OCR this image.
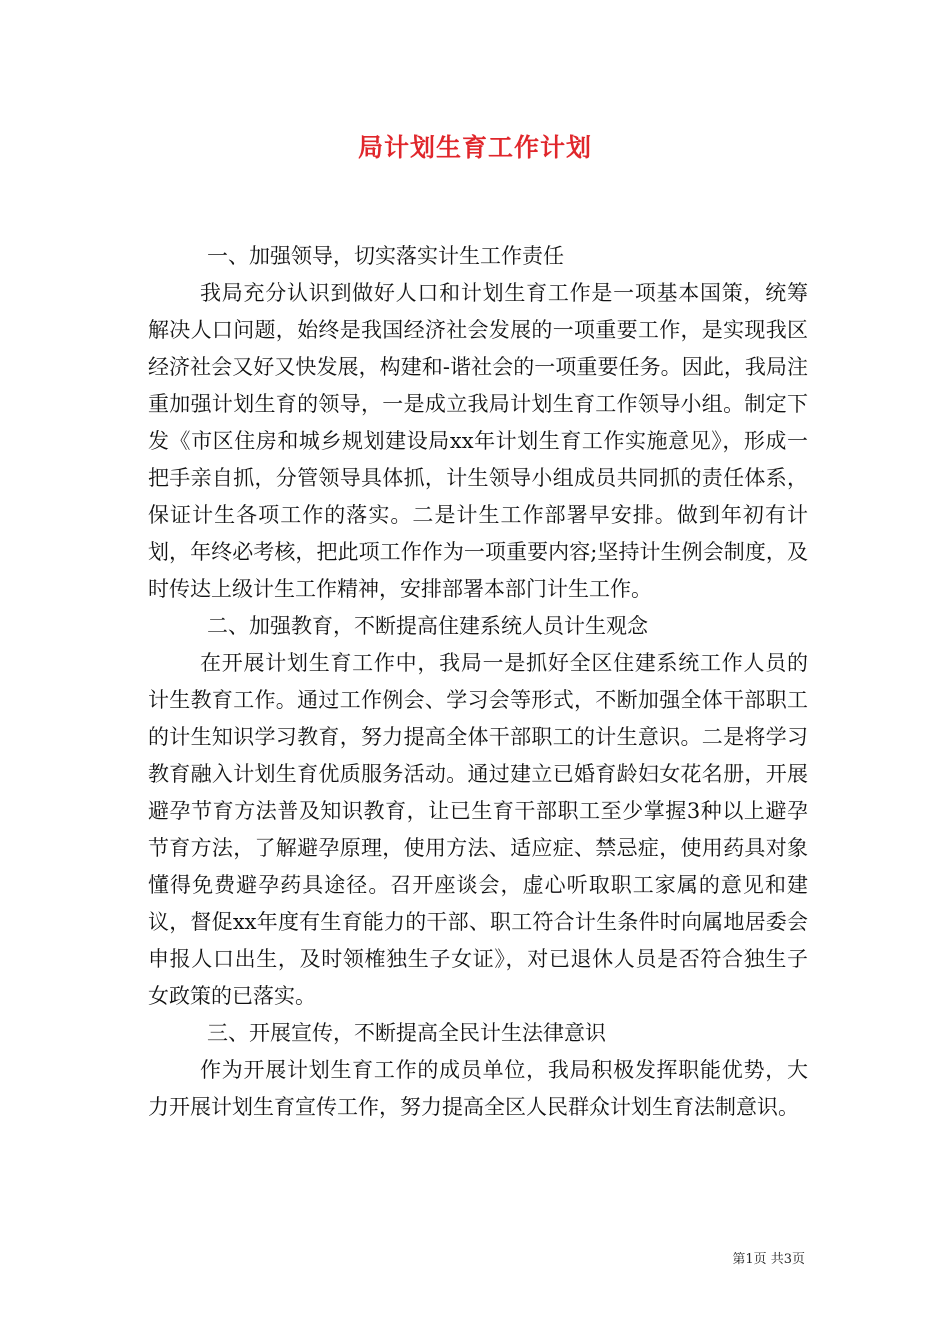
局计划生育工作计划

一、加强领导，切实落实计生工作责任

我局充分认识到做好人口和计划生育工作是一项基本国策，统筹解决人口问题，始终是我国经济社会发展的一项重要工作，是实现我区经济社会又好又快发展，构建和-谐社会的一项重要任务。因此，我局注重加强计划生育的领导，一是成立我局计划生育工作领导小组。制定下发《市区住房和城乡规划建设局xx年计划生育工作实施意见》，形成一把手亲自抓，分管领导具体抓，计生领导小组成员共同抓的责任体系，保证计生各项工作的落实。二是计生工作部署早安排。做到年初有计划，年终必考核，把此项工作作为一项重要内容;坚持计生例会制度，及时传达上级计生工作精神，安排部署本部门计生工作。

二、加强教育，不断提高住建系统人员计生观念

在开展计划生育工作中，我局一是抓好全区住建系统工作人员的计生教育工作。通过工作例会、学习会等形式，不断加强全体干部职工的计生知识学习教育，努力提高全体干部职工的计生意识。二是将学习教育融入计划生育优质服务活动。通过建立已婚育龄妇女花名册，开展避孕节育方法普及知识教育，让已生育干部职工至少掌握3种以上避孕节育方法，了解避孕原理，使用方法、适应症、禁忌症，使用药具对象懂得免费避孕药具途径。召开座谈会，虚心听取职工家属的意见和建议，督促xx年度有生育能力的干部、职工符合计生条件时向属地居委会申报人口出生，及时领榷独生子女证》，对已退休人员是否符合独生子女政策的已落实。

三、开展宣传，不断提高全民计生法律意识

作为开展计划生育工作的成员单位，我局积极发挥职能优势，大力开展计划生育宣传工作，努力提高全区人民群众计划生育法制意识。

第1页 共3页
